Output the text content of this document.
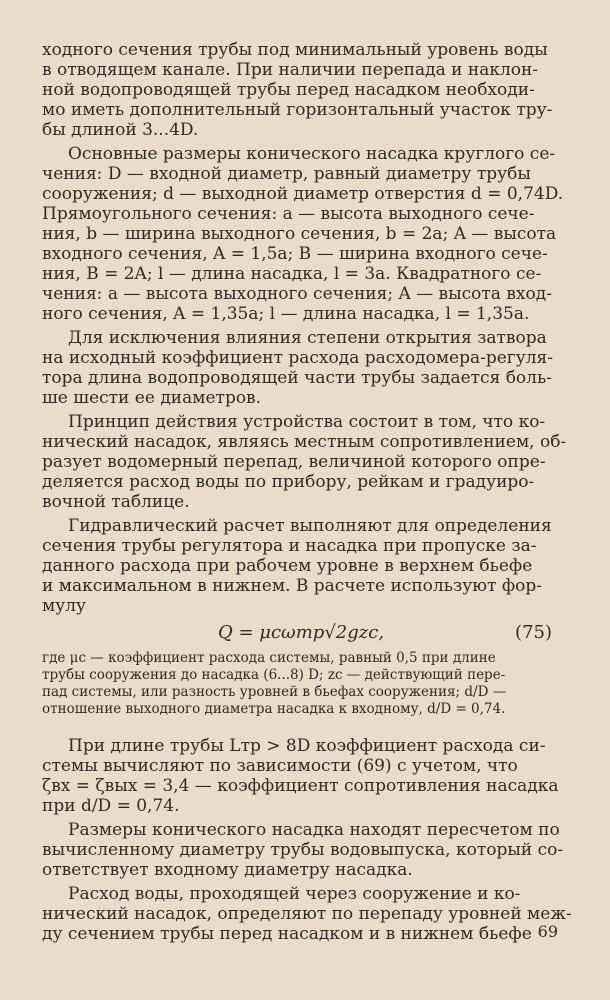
ходного сечения трубы под минимальный уровень воды
в отводящем канале. При наличии перепада и наклон-
ной водопроводящей трубы перед насадком необходи-
мо иметь дополнительный горизонтальный участок тру-
бы длиной 3...4D.

Основные размеры конического насадка круглого се-
чения: D — входной диаметр, равный диаметру трубы
сооружения; d — выходной диаметр отверстия d = 0,74D.
Прямоугольного сечения: a — высота выходного сече-
ния, b — ширина выходного сечения, b = 2a; A — высота
входного сечения, A = 1,5a; B — ширина входного сече-
ния, B = 2A; l — длина насадка, l = 3a. Квадратного се-
чения: a — высота выходного сечения; A — высота вход-
ного сечения, A = 1,35a; l — длина насадка, l = 1,35a.

Для исключения влияния степени открытия затвора
на исходный коэффициент расхода расходомера-регуля-
тора длина водопроводящей части трубы задается боль-
ше шести ее диаметров.

Принцип действия устройства состоит в том, что ко-
нический насадок, являясь местным сопротивлением, об-
разует водомерный перепад, величиной которого опре-
деляется расход воды по прибору, рейкам и градуиро-
вочной таблице.

Гидравлический расчет выполняют для определения
сечения трубы регулятора и насадка при пропуске за-
данного расхода при рабочем уровне в верхнем бьефе
и максимальном в нижнем. В расчете используют фор-
мулу

Q = μcωтр√2gzc,	(75)

где μc — коэффициент расхода системы, равный 0,5 при длине
трубы сооружения до насадка (6...8) D; zc — действующий пере-
пад системы, или разность уровней в бьефах сооружения; d/D —
отношение выходного диаметра насадка к входному, d/D = 0,74.

При длине трубы Lтр > 8D коэффициент расхода си-
стемы вычисляют по зависимости (69) с учетом, что
ζвх = ζвых = 3,4 — коэффициент сопротивления насадка
при d/D = 0,74.

Размеры конического насадка находят пересчетом по
вычисленному диаметру трубы водовыпуска, который со-
ответствует входному диаметру насадка.

Расход воды, проходящей через сооружение и ко-
нический насадок, определяют по перепаду уровней меж-
ду сечением трубы перед насадком и в нижнем бьефе 69
